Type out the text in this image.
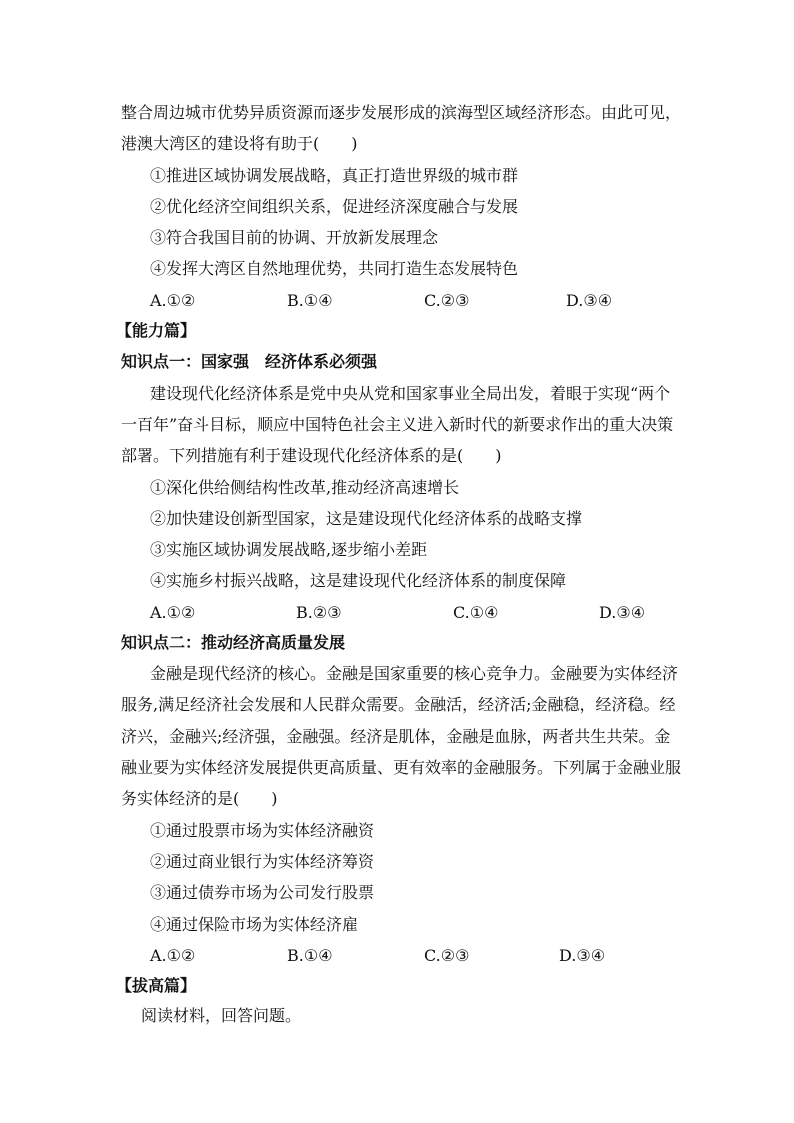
整合周边城市优势异质资源而逐步发展形成的滨海型区域经济形态。由此可见，
港澳大湾区的建设将有助于(　　)
①推进区域协调发展战略，真正打造世界级的城市群
②优化经济空间组织关系，促进经济深度融合与发展
③符合我国目前的协调、开放新发展理念
④发挥大湾区自然地理优势，共同打造生态发展特色
A.①②	B.①④	C.②③	D.③④
【能力篇】
知识点一：国家强　经济体系必须强
建设现代化经济体系是党中央从党和国家事业全局出发，着眼于实现“两个
一百年”奋斗目标，顺应中国特色社会主义进入新时代的新要求作出的重大决策
部署。下列措施有利于建设现代化经济体系的是(　　)
①深化供给侧结构性改革,推动经济高速增长
②加快建设创新型国家，这是建设现代化经济体系的战略支撑
③实施区域协调发展战略,逐步缩小差距
④实施乡村振兴战略，这是建设现代化经济体系的制度保障
A.①②	B.②③	C.①④	D.③④
知识点二：推动经济高质量发展
金融是现代经济的核心。金融是国家重要的核心竞争力。金融要为实体经济
服务,满足经济社会发展和人民群众需要。金融活，经济活;金融稳，经济稳。经
济兴，金融兴;经济强，金融强。经济是肌体，金融是血脉，两者共生共荣。金
融业要为实体经济发展提供更高质量、更有效率的金融服务。下列属于金融业服
务实体经济的是(　　)
①通过股票市场为实体经济融资
②通过商业银行为实体经济筹资
③通过债券市场为公司发行股票
④通过保险市场为实体经济雇
A.①②	B.①④	C.②③	D.③④
【拔高篇】
阅读材料，回答问题。
